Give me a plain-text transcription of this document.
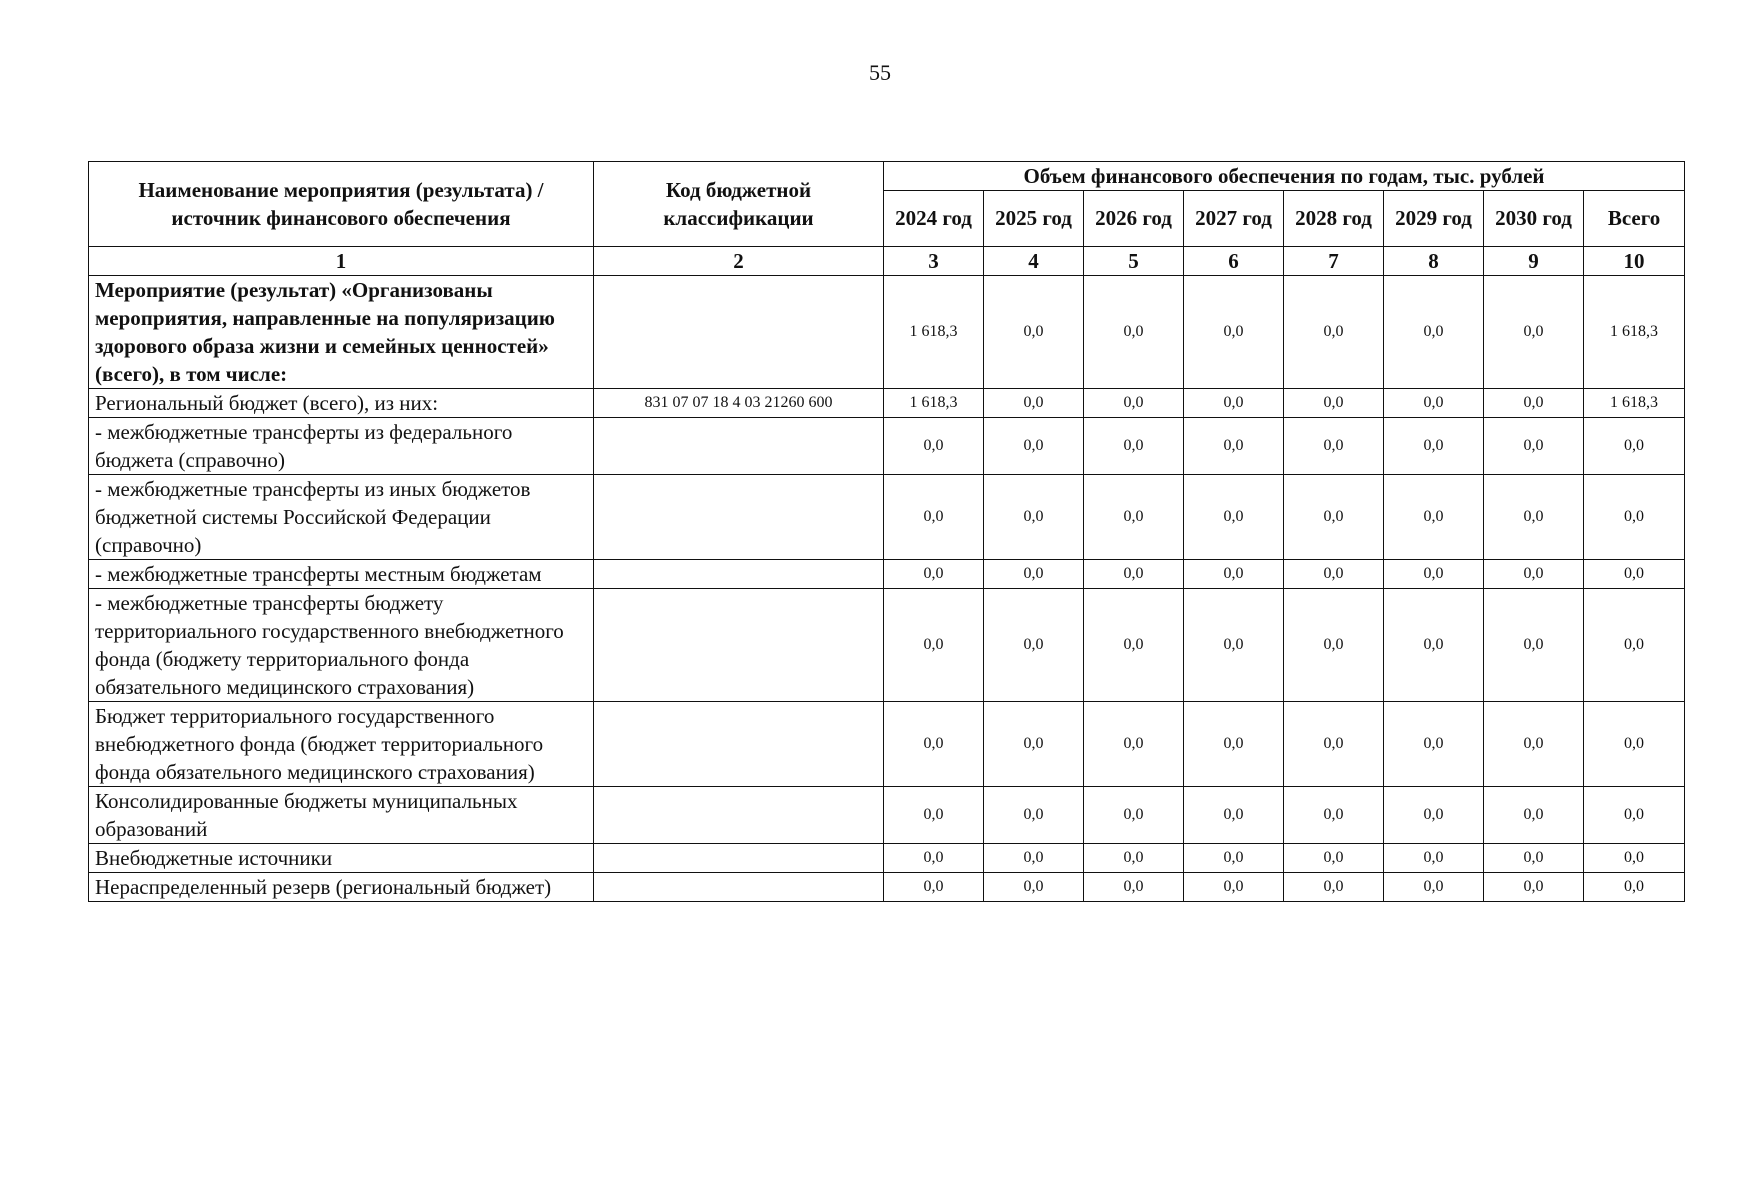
55
Наименование мероприятия (результата) / источник финансового обеспечения	Код бюджетной классификации	Объем финансового обеспечения по годам, тыс. рублей							
		2024 год	2025 год	2026 год	2027 год	2028 год	2029 год	2030 год	Всего
1	2	3	4	5	6	7	8	9	10
Мероприятие (результат) «Организованы мероприятия, направленные на популяризацию здорового образа жизни и семейных ценностей» (всего), в том числе:		1 618,3	0,0	0,0	0,0	0,0	0,0	0,0	1 618,3
Региональный бюджет (всего), из них:	831 07 07 18 4 03 21260 600	1 618,3	0,0	0,0	0,0	0,0	0,0	0,0	1 618,3
- межбюджетные трансферты из федерального бюджета (справочно)		0,0	0,0	0,0	0,0	0,0	0,0	0,0	0,0
- межбюджетные трансферты из иных бюджетов бюджетной системы Российской Федерации (справочно)		0,0	0,0	0,0	0,0	0,0	0,0	0,0	0,0
- межбюджетные трансферты местным бюджетам		0,0	0,0	0,0	0,0	0,0	0,0	0,0	0,0
- межбюджетные трансферты бюджету территориального государственного внебюджетного фонда (бюджету территориального фонда обязательного медицинского страхования)		0,0	0,0	0,0	0,0	0,0	0,0	0,0	0,0
Бюджет территориального государственного внебюджетного фонда (бюджет территориального фонда обязательного медицинского страхования)		0,0	0,0	0,0	0,0	0,0	0,0	0,0	0,0
Консолидированные бюджеты муниципальных образований		0,0	0,0	0,0	0,0	0,0	0,0	0,0	0,0
Внебюджетные источники		0,0	0,0	0,0	0,0	0,0	0,0	0,0	0,0
Нераспределенный резерв (региональный бюджет)		0,0	0,0	0,0	0,0	0,0	0,0	0,0	0,0
